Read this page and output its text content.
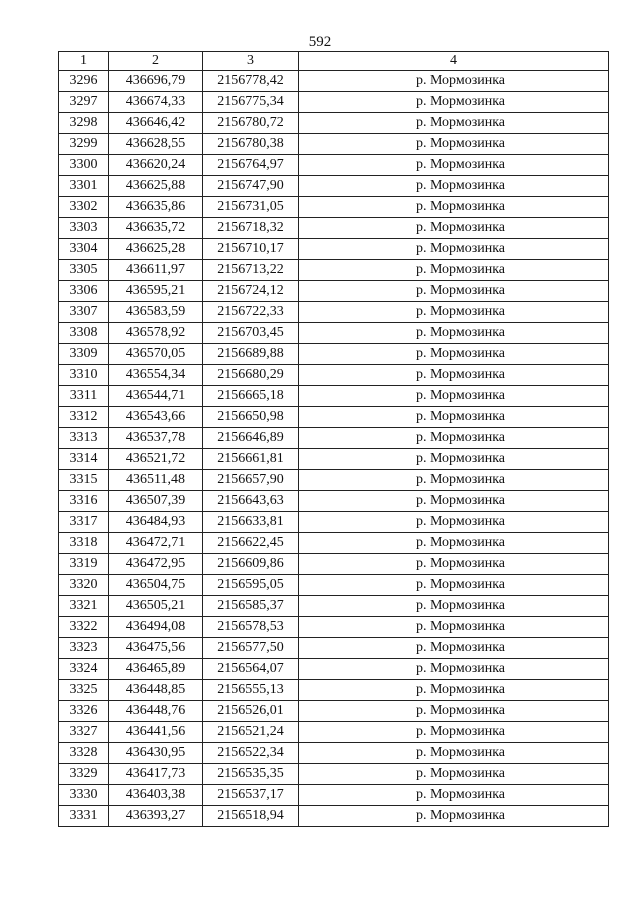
592
1	2	3	4
3296	436696,79	2156778,42	р. Мормозинка
3297	436674,33	2156775,34	р. Мормозинка
3298	436646,42	2156780,72	р. Мормозинка
3299	436628,55	2156780,38	р. Мормозинка
3300	436620,24	2156764,97	р. Мормозинка
3301	436625,88	2156747,90	р. Мормозинка
3302	436635,86	2156731,05	р. Мормозинка
3303	436635,72	2156718,32	р. Мормозинка
3304	436625,28	2156710,17	р. Мормозинка
3305	436611,97	2156713,22	р. Мормозинка
3306	436595,21	2156724,12	р. Мормозинка
3307	436583,59	2156722,33	р. Мормозинка
3308	436578,92	2156703,45	р. Мормозинка
3309	436570,05	2156689,88	р. Мормозинка
3310	436554,34	2156680,29	р. Мормозинка
3311	436544,71	2156665,18	р. Мормозинка
3312	436543,66	2156650,98	р. Мормозинка
3313	436537,78	2156646,89	р. Мормозинка
3314	436521,72	2156661,81	р. Мормозинка
3315	436511,48	2156657,90	р. Мормозинка
3316	436507,39	2156643,63	р. Мормозинка
3317	436484,93	2156633,81	р. Мормозинка
3318	436472,71	2156622,45	р. Мормозинка
3319	436472,95	2156609,86	р. Мормозинка
3320	436504,75	2156595,05	р. Мормозинка
3321	436505,21	2156585,37	р. Мормозинка
3322	436494,08	2156578,53	р. Мормозинка
3323	436475,56	2156577,50	р. Мормозинка
3324	436465,89	2156564,07	р. Мормозинка
3325	436448,85	2156555,13	р. Мормозинка
3326	436448,76	2156526,01	р. Мормозинка
3327	436441,56	2156521,24	р. Мормозинка
3328	436430,95	2156522,34	р. Мормозинка
3329	436417,73	2156535,35	р. Мормозинка
3330	436403,38	2156537,17	р. Мормозинка
3331	436393,27	2156518,94	р. Мормозинка
